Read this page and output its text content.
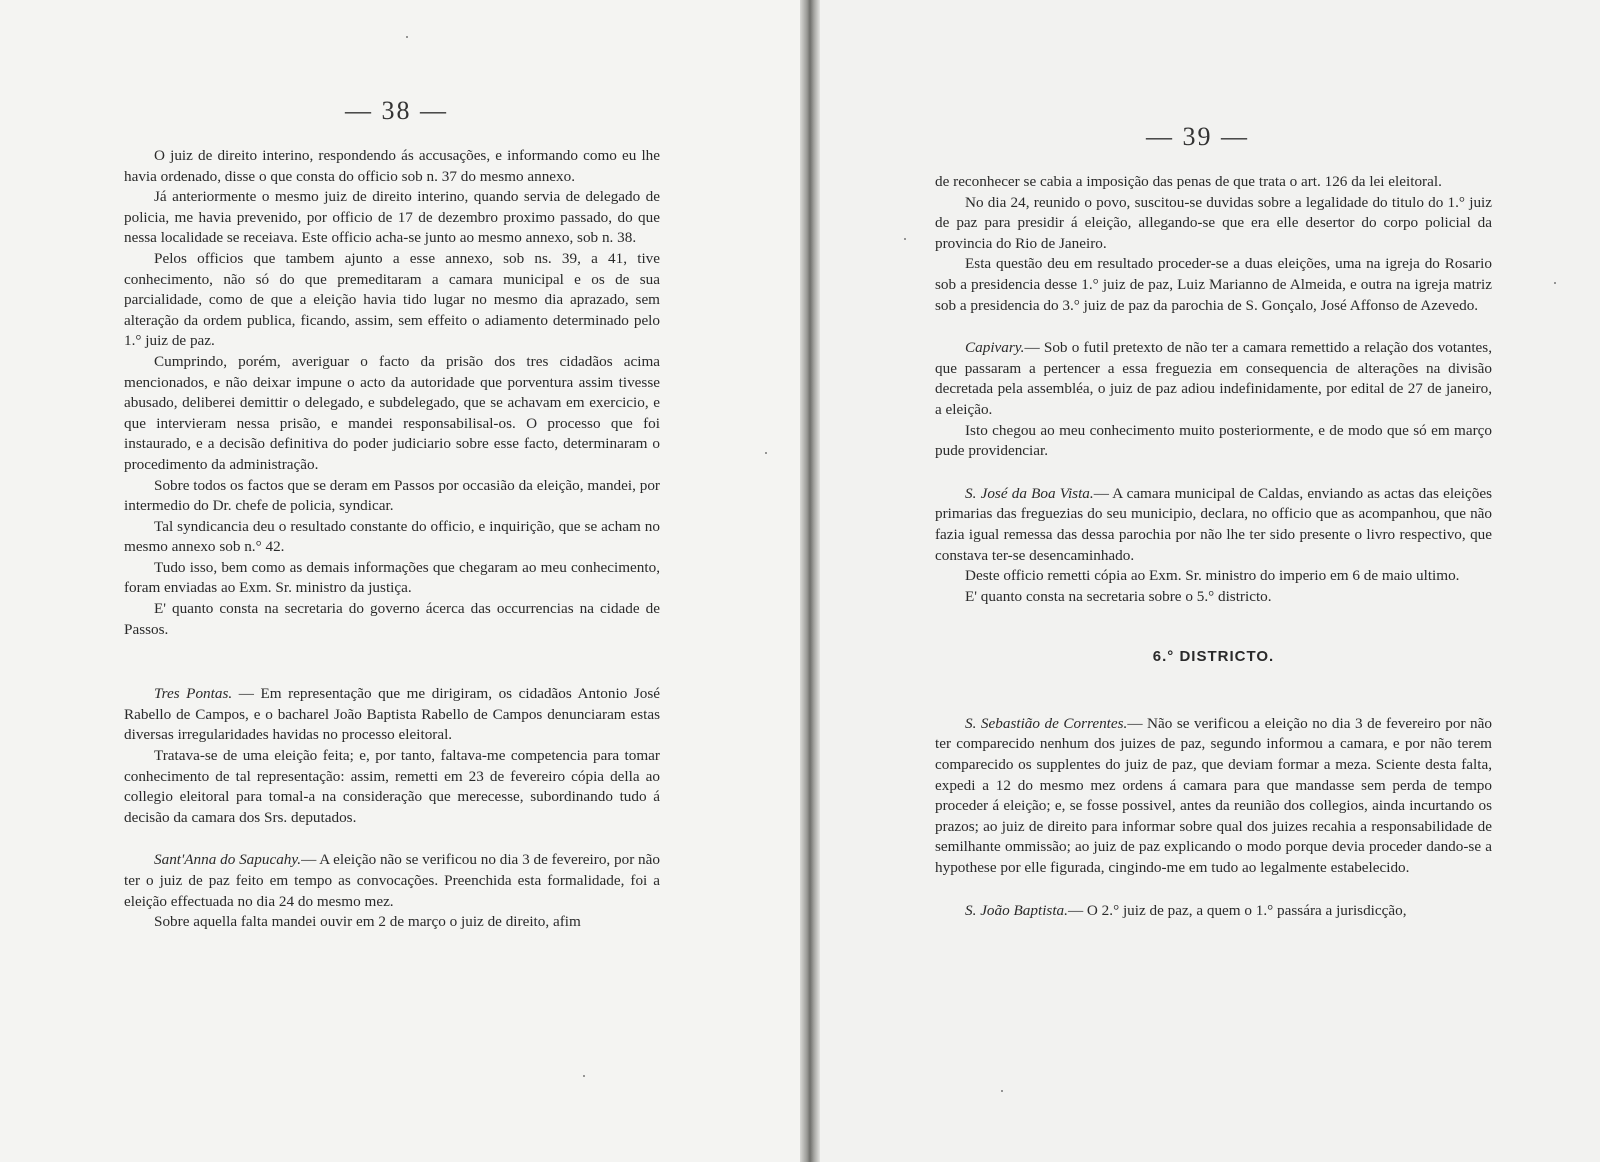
— 38 —

O juiz de direito interino, respondendo ás accusações, e informando como eu lhe havia ordenado, disse o que consta do officio sob n. 37 do mesmo annexo.

Já anteriormente o mesmo juiz de direito interino, quando servia de delegado de policia, me havia prevenido, por officio de 17 de dezembro proximo passado, do que nessa localidade se receiava. Este officio acha-se junto ao mesmo annexo, sob n. 38.

Pelos officios que tambem ajunto a esse annexo, sob ns. 39, a 41, tive conhecimento, não só do que premeditaram a camara municipal e os de sua parcialidade, como de que a eleição havia tido lugar no mesmo dia aprazado, sem alteração da ordem publica, ficando, assim, sem effeito o adiamento determinado pelo 1.° juiz de paz.

Cumprindo, porém, averiguar o facto da prisão dos tres cidadãos acima mencionados, e não deixar impune o acto da autoridade que porventura assim tivesse abusado, deliberei demittir o delegado, e subdelegado, que se achavam em exercicio, e que intervieram nessa prisão, e mandei responsabilisal-os. O processo que foi instaurado, e a decisão definitiva do poder judiciario sobre esse facto, determinaram o procedimento da administração.

Sobre todos os factos que se deram em Passos por occasião da eleição, mandei, por intermedio do Dr. chefe de policia, syndicar.

Tal syndicancia deu o resultado constante do officio, e inquirição, que se acham no mesmo annexo sob n.° 42.

Tudo isso, bem como as demais informações que chegaram ao meu conhecimento, foram enviadas ao Exm. Sr. ministro da justiça.

E' quanto consta na secretaria do governo ácerca das occurrencias na cidade de Passos.

Tres Pontas. — Em representação que me dirigiram, os cidadãos Antonio José Rabello de Campos, e o bacharel João Baptista Rabello de Campos denunciaram estas diversas irregularidades havidas no processo eleitoral.

Tratava-se de uma eleição feita; e, por tanto, faltava-me competencia para tomar conhecimento de tal representação: assim, remetti em 23 de fevereiro cópia della ao collegio eleitoral para tomal-a na consideração que merecesse, subordinando tudo á decisão da camara dos Srs. deputados.

Sant'Anna do Sapucahy.— A eleição não se verificou no dia 3 de fevereiro, por não ter o juiz de paz feito em tempo as convocações. Preenchida esta formalidade, foi a eleição effectuada no dia 24 do mesmo mez.

Sobre aquella falta mandei ouvir em 2 de março o juiz de direito, afim

— 39 —

de reconhecer se cabia a imposição das penas de que trata o art. 126 da lei eleitoral.

No dia 24, reunido o povo, suscitou-se duvidas sobre a legalidade do titulo do 1.° juiz de paz para presidir á eleição, allegando-se que era elle desertor do corpo policial da provincia do Rio de Janeiro.

Esta questão deu em resultado proceder-se a duas eleições, uma na igreja do Rosario sob a presidencia desse 1.° juiz de paz, Luiz Marianno de Almeida, e outra na igreja matriz sob a presidencia do 3.° juiz de paz da parochia de S. Gonçalo, José Affonso de Azevedo.

Capivary.— Sob o futil pretexto de não ter a camara remettido a relação dos votantes, que passaram a pertencer a essa freguezia em consequencia de alterações na divisão decretada pela assembléa, o juiz de paz adiou indefinidamente, por edital de 27 de janeiro, a eleição.

Isto chegou ao meu conhecimento muito posteriormente, e de modo que só em março pude providenciar.

S. José da Boa Vista.— A camara municipal de Caldas, enviando as actas das eleições primarias das freguezias do seu municipio, declara, no officio que as acompanhou, que não fazia igual remessa das dessa parochia por não lhe ter sido presente o livro respectivo, que constava ter-se desencaminhado.

Deste officio remetti cópia ao Exm. Sr. ministro do imperio em 6 de maio ultimo.

E' quanto consta na secretaria sobre o 5.° districto.

6.° DISTRICTO.

S. Sebastião de Correntes.— Não se verificou a eleição no dia 3 de fevereiro por não ter comparecido nenhum dos juizes de paz, segundo informou a camara, e por não terem comparecido os supplentes do juiz de paz, que deviam formar a meza. Sciente desta falta, expedi a 12 do mesmo mez ordens á camara para que mandasse sem perda de tempo proceder á eleição; e, se fosse possivel, antes da reunião dos collegios, ainda incurtando os prazos; ao juiz de direito para informar sobre qual dos juizes recahia a responsabilidade de semilhante ommissão; ao juiz de paz explicando o modo porque devia proceder dando-se a hypothese por elle figurada, cingindo-me em tudo ao legalmente estabelecido.

S. João Baptista.— O 2.° juiz de paz, a quem o 1.° passára a jurisdicção,
